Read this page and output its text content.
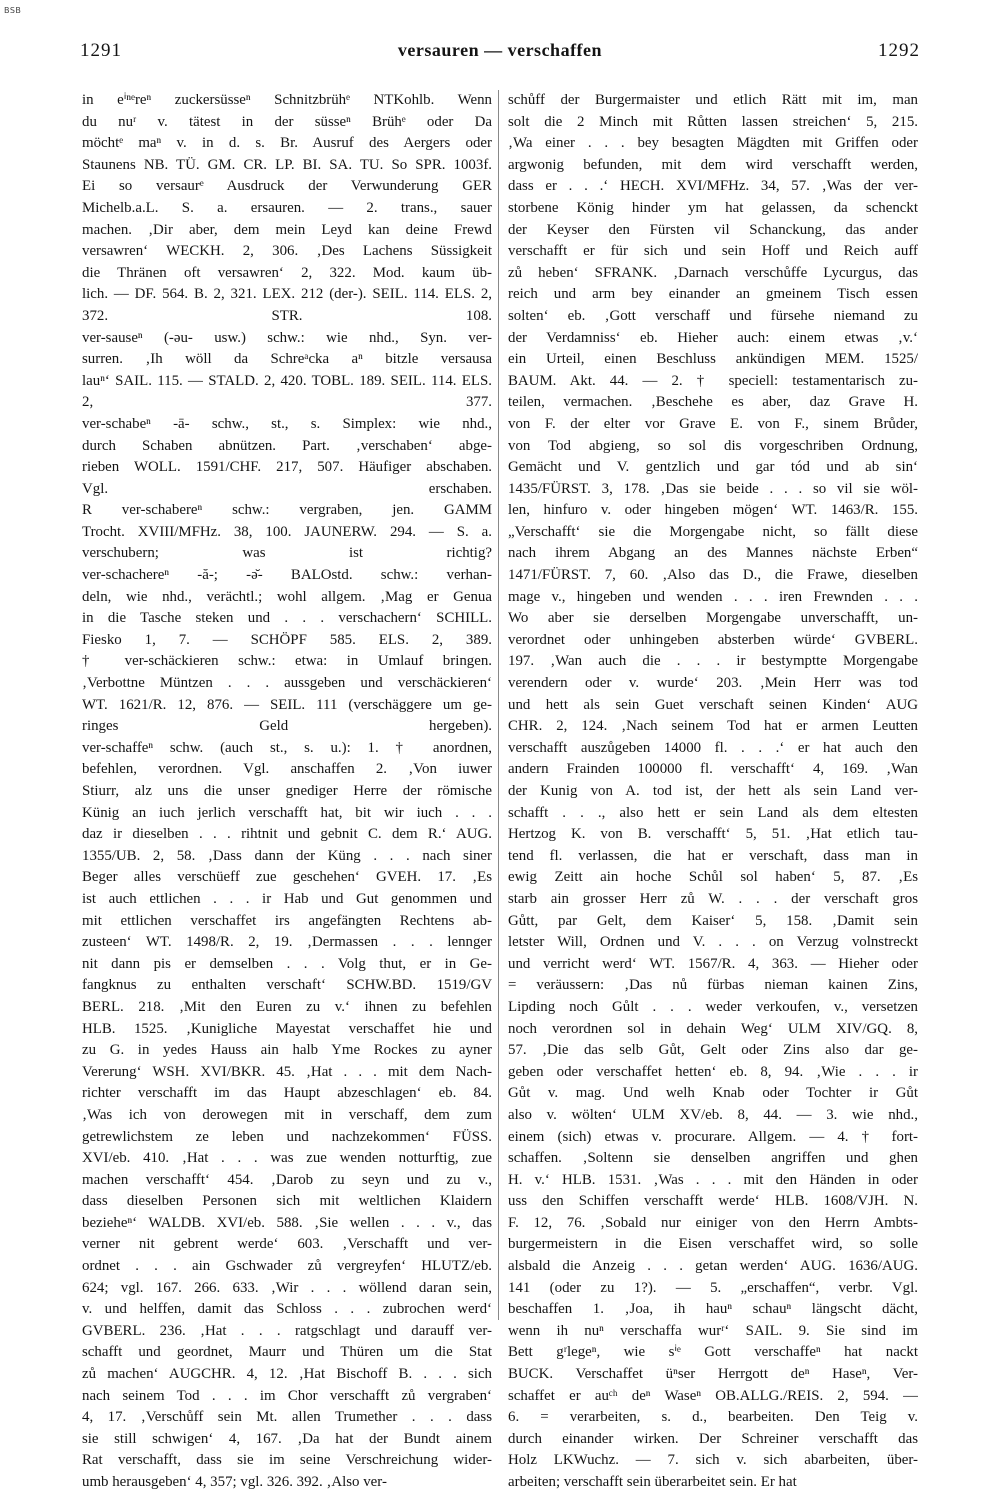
BSB
1291	versauren — verschaffen	1292
in eⁱⁿᵉreⁿ zuckersüsseⁿ Schnitzbrühᵉ NTKohlb. Wenn
du nuʳ v. tätest in der süsseⁿ Brühᵉ oder Da
möchtᵉ maⁿ v. in d. s. Br. Ausruf des Aergers oder
Staunens NB. TÜ. GM. CR. LP. BI. SA. TU. So SPR. 1003f.
Ei so versaurᵉ Ausdruck der Verwunderung GER
Michelb.a.L. S. a. ersauren. — 2. trans., sauer
machen. ‚Dir aber, dem mein Leyd kan deine Frewd
versawren‘ WECKH. 2, 306. ‚Des Lachens Süssigkeit
die Thränen oft versawren‘ 2, 322. Mod. kaum üb-
lich. — DF. 564. B. 2, 321. LEX. 212 (der-). SEIL. 114. ELS. 2,
372. STR. 108.
ver-sauseⁿ (-əu- usw.) schw.: wie nhd., Syn. ver-
surren. ‚Ih wöll da Schreᵃcka aⁿ bitzle versausa
lauⁿ‘ SAIL. 115. — STALD. 2, 420. TOBL. 189. SEIL. 114. ELS.
2, 377.
ver-schabeⁿ -ā- schw., st., s. Simplex: wie nhd.,
durch Schaben abnützen. Part. ‚verschaben‘ abge-
rieben WOLL. 1591/CHF. 217, 507. Häufiger abschaben.
Vgl. erschaben.
R ver-schabereⁿ schw.: vergraben, jen. GAMM
Trocht. XVIII/MFHz. 38, 100. JAUNERW. 294. — S. a.
verschubern; was ist richtig?
ver-schachereⁿ -ă-; -ə̆- BALOstd. schw.: verhan-
deln, wie nhd., verächtl.; wohl allgem. ‚Mag er Genua
in die Tasche steken und . . . verschachern‘ SCHILL.
Fiesko 1, 7. — SCHÖPF 585. ELS. 2, 389.
† ver-schäckieren schw.: etwa: in Umlauf bringen.
‚Verbottne Müntzen . . . aussgeben und verschäckieren‘
WT. 1621/R. 12, 876. — SEIL. 111 (verschäggere um ge-
ringes Geld hergeben).
ver-schaffeⁿ schw. (auch st., s. u.): 1. † anordnen,
befehlen, verordnen. Vgl. anschaffen 2. ‚Von iuwer
Stiurr, alz uns die unser gnediger Herre der römische
Künig an iuch jerlich verschafft hat, bit wir iuch . . .
daz ir dieselben . . . rihtnit und gebnit C. dem R.‘ AUG.
1355/UB. 2, 58. ‚Dass dann der Küng . . . nach siner
Beger alles verschüeff zue geschehen‘ GVEH. 17. ‚Es
ist auch ettlichen . . . ir Hab und Gut genommen und
mit ettlichen verschaffet irs angefängten Rechtens ab-
zusteen‘ WT. 1498/R. 2, 19. ‚Dermassen . . . lennger
nit dann pis er demselben . . . Volg thut, er in Ge-
fangknus zu enthalten verschaft‘ SCHW.BD. 1519/GV
BERL. 218. ‚Mit den Euren zu v.‘ ihnen zu befehlen
HLB. 1525. ‚Kunigliche Mayestat verschaffet hie und
zu G. in yedes Hauss ain halb Yme Rockes zu ayner
Vererung‘ WSH. XVI/BKR. 45. ‚Hat . . . mit dem Nach-
richter verschafft im das Haupt abzeschlagen‘ eb. 84.
‚Was ich von derowegen mit in verschaff, dem zum
getrewlichstem ze leben und nachzekommen‘ FÜSS.
XVI/eb. 410. ‚Hat . . . was zue wenden notturftig, zue
machen verschafft‘ 454. ‚Darob zu seyn und zu v.,
dass dieselben Personen sich mit weltlichen Klaidern
bezieheⁿ‘ WALDB. XVI/eb. 588. ‚Sie wellen . . . v., das
verner nit gebrent werde‘ 603. ‚Verschafft und ver-
ordnet . . . ain Gschwader zů vergreyfen‘ HLUTZ/eb.
624; vgl. 167. 266. 633. ‚Wir . . . wöllend daran sein,
v. und helffen, damit das Schloss . . . zubrochen werd‘
GVBERL. 236. ‚Hat . . . ratgschlagt und darauff ver-
schafft und geordnet, Maurr und Thüren um die Stat
zů machen‘ AUGCHR. 4, 12. ‚Hat Bischoff B. . . . sich
nach seinem Tod . . . im Chor verschafft zů vergraben‘
4, 17. ‚Verschůff sein Mt. allen Trumether . . . dass
sie still schwigen‘ 4, 167. ‚Da hat der Bundt ainem
Rat verschafft, dass sie im seine Verschreichung wider-
umb herausgeben‘ 4, 357; vgl. 326. 392. ‚Also ver-
schůff der Burgermaister und etlich Rätt mit im, man
solt die 2 Minch mit Růtten lassen streichen‘ 5, 215.
‚Wa einer . . . bey besagten Mägdten mit Griffen oder
argwonig befunden, mit dem wird verschafft werden,
dass er . . .‘ HECH. XVI/MFHz. 34, 57. ‚Was der ver-
storbene König hinder ym hat gelassen, da schenckt
der Keyser den Fürsten vil Schanckung, das ander
verschafft er für sich und sein Hoff und Reich auff
zů heben‘ SFRANK. ‚Darnach verschůffe Lycurgus, das
reich und arm bey einander an gmeinem Tisch essen
solten‘ eb. ‚Gott verschaff und fürsehe niemand zu
der Verdamniss‘ eb. Hieher auch: einem etwas ‚v.‘
ein Urteil, einen Beschluss ankündigen MEM. 1525/
BAUM. Akt. 44. — 2. † speciell: testamentarisch zu-
teilen, vermachen. ‚Beschehe es aber, daz Grave H.
von F. der elter vor Grave E. von F., sinem Brůder,
von Tod abgieng, so sol dis vorgeschriben Ordnung,
Gemächt und V. gentzlich und gar tód und ab sin‘
1435/FÜRST. 3, 178. ‚Das sie beide . . . so vil sie wöl-
len, hinfuro v. oder hingeben mögen‘ WT. 1463/R. 155.
„Verschafft‘ sie die Morgengabe nicht, so fällt diese
nach ihrem Abgang an des Mannes nächste Erben“
1471/FÜRST. 7, 60. ‚Also das D., die Frawe, dieselben
mage v., hingeben und wenden . . . iren Frewnden . . .
Wo aber sie derselben Morgengabe unverschafft, un-
verordnet oder unhingeben absterben würde‘ GVBERL.
197. ‚Wan auch die . . . ir bestymptte Morgengabe
verendern oder v. wurde‘ 203. ‚Mein Herr was tod
und hett als sein Guet verschaft seinen Kinden‘ AUG
CHR. 2, 124. ‚Nach seinem Tod hat er armen Leutten
verschafft auszůgeben 14000 fl. . . .‘ er hat auch den
andern Frainden 100000 fl. verschafft‘ 4, 169. ‚Wan
der Kunig von A. tod ist, der hett als sein Land ver-
schafft . . ., also hett er sein Land als dem eltesten
Hertzog K. von B. verschafft‘ 5, 51. ‚Hat etlich tau-
tend fl. verlassen, die hat er verschaft, dass man in
ewig Zeitt ain hoche Schůl sol haben‘ 5, 87. ‚Es
starb ain grosser Herr zů W. . . . der verschaft gros
Gůtt, par Gelt, dem Kaiser‘ 5, 158. ‚Damit sein
letster Will, Ordnen und V. . . . on Verzug volnstreckt
und verricht werd‘ WT. 1567/R. 4, 363. — Hieher oder
= veräussern: ‚Das nů fürbas nieman kainen Zins,
Lipding noch Gůlt . . . weder verkoufen, v., versetzen
noch verordnen sol in dehain Weg‘ ULM XIV/GQ. 8,
57. ‚Die das selb Gůt, Gelt oder Zins also dar ge-
geben oder verschaffet hetten‘ eb. 8, 94. ‚Wie . . . ir
Gůt v. mag. Und welh Knab oder Tochter ir Gůt
also v. wölten‘ ULM XV/eb. 8, 44. — 3. wie nhd.,
einem (sich) etwas v. procurare. Allgem. — 4. † fort-
schaffen. ‚Soltenn sie denselben angriffen und ghen
H. v.‘ HLB. 1531. ‚Was . . . mit den Händen in oder
uss den Schiffen verschafft werde‘ HLB. 1608/VJH. N.
F. 12, 76. ‚Sobald nur einiger von den Herrn Ambts-
burgermeistern in die Eisen verschaffet wird, so solle
alsbald die Anzeig . . . getan werden‘ AUG. 1636/AUG.
141 (oder zu 1?). — 5. „erschaffen“, verbr. Vgl.
beschaffen 1. ‚Joa, ih hauⁿ schauⁿ längscht dächt,
wenn ih nuⁿ verschaffa wurʳ‘ SAIL. 9. Sie sind im
Bett gʳlegeⁿ, wie sⁱᵉ Gott verschaffeⁿ hat nackt
BUCK. Verschaffet üⁿser Herrgott deⁿ Haseⁿ, Ver-
schaffet er auᶜʰ deⁿ Waseⁿ OB.ALLG./REIS. 2, 594. —
6. = verarbeiten, s. d., bearbeiten. Den Teig v.
durch einander wirken. Der Schreiner verschafft das
Holz LKWuchz. — 7. sich v. sich abarbeiten, über-
arbeiten; verschafft sein überarbeitet sein. Er hat
